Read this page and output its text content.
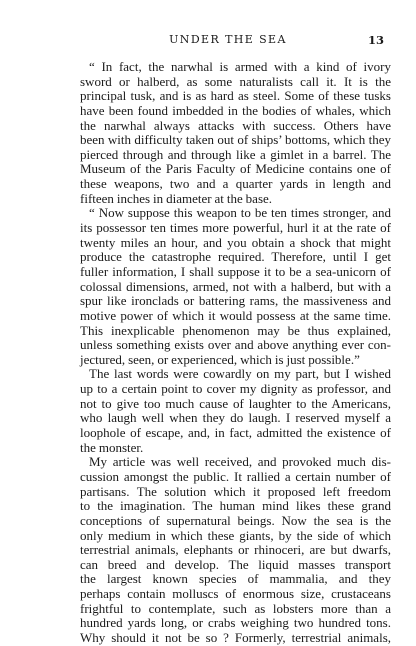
UNDER THE SEA	13
“ In fact, the narwhal is armed with a kind of ivory
sword or halberd, as some naturalists call it. It is the
principal tusk, and is as hard as steel. Some of these tusks
have been found imbedded in the bodies of whales, which
the narwhal always attacks with success. Others have
been with difficulty taken out of ships’ bottoms, which they
pierced through and through like a gimlet in a barrel. The
Museum of the Paris Faculty of Medicine contains one of
these weapons, two and a quarter yards in length and
fifteen inches in diameter at the base.
“ Now suppose this weapon to be ten times stronger, and
its possessor ten times more powerful, hurl it at the rate of
twenty miles an hour, and you obtain a shock that might
produce the catastrophe required. Therefore, until I get
fuller information, I shall suppose it to be a sea-unicorn of
colossal dimensions, armed, not with a halberd, but with a
spur like ironclads or battering rams, the massiveness and
motive power of which it would possess at the same time.
This inexplicable phenomenon may be thus explained,
unless something exists over and above anything ever con-
jectured, seen, or experienced, which is just possible.”
The last words were cowardly on my part, but I wished
up to a certain point to cover my dignity as professor, and
not to give too much cause of laughter to the Americans,
who laugh well when they do laugh. I reserved myself a
loophole of escape, and, in fact, admitted the existence of
the monster.
My article was well received, and provoked much dis-
cussion amongst the public. It rallied a certain number of
partisans. The solution which it proposed left freedom
to the imagination. The human mind likes these grand
conceptions of supernatural beings. Now the sea is the
only medium in which these giants, by the side of which
terrestrial animals, elephants or rhinoceri, are but dwarfs,
can breed and develop. The liquid masses transport
the largest known species of mammalia, and they
perhaps contain molluscs of enormous size, crustaceans
frightful to contemplate, such as lobsters more than a
hundred yards long, or crabs weighing two hundred tons.
Why should it not be so ? Formerly, terrestrial animals,
